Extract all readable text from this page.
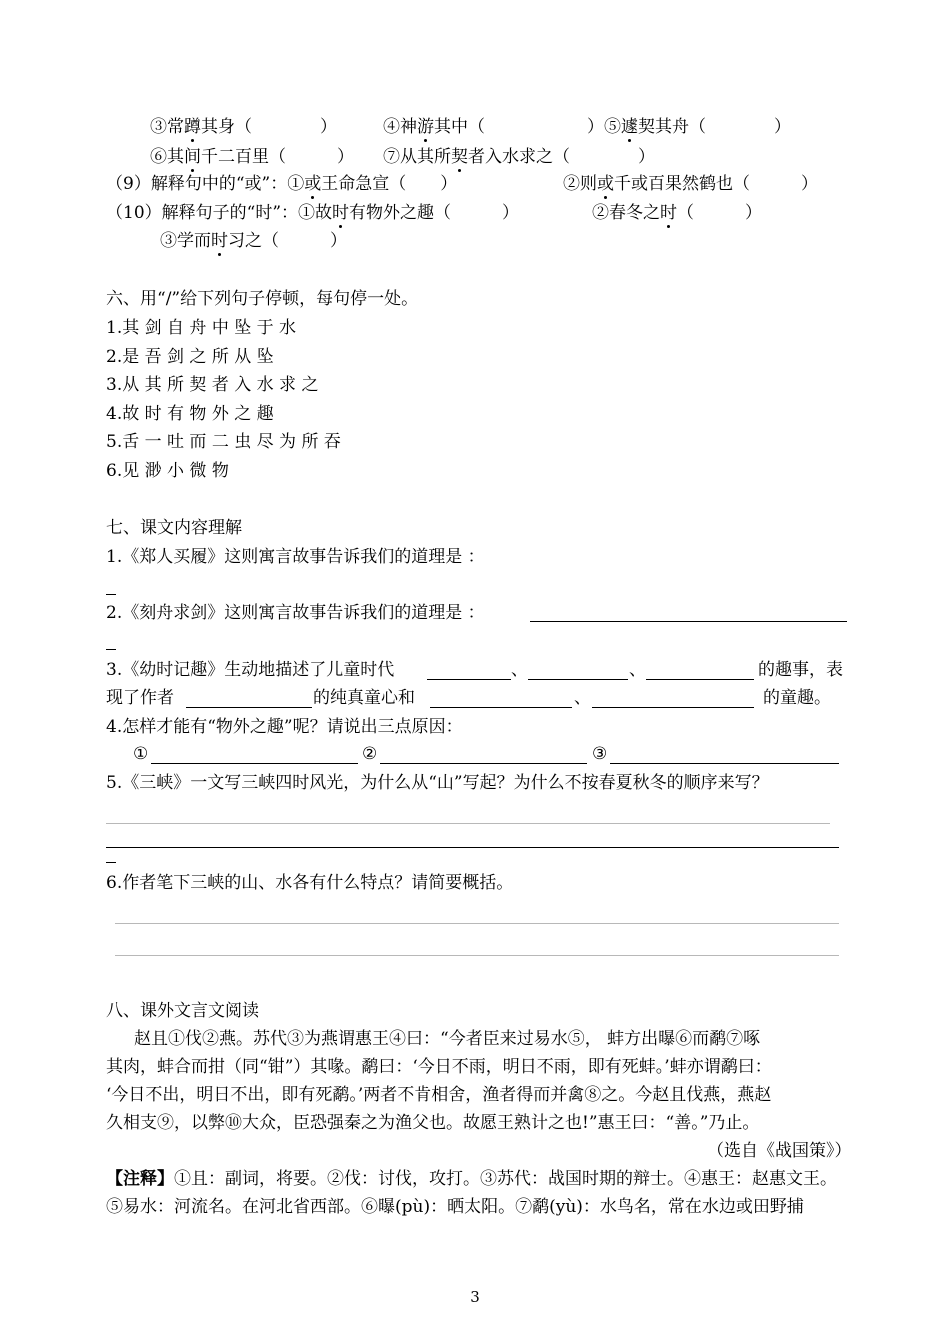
③常蹲其身（　　　　）	④神游其中（　　　　　　）⑤遽契其舟（　　　　）
⑥其间千二百里（　　　） ⑦从其所契者入水求之（　　　　）
（9）解释句中的“或”：①或王命急宣（　　）	②则或千或百果然鹤也（　　　）
（10）解释句子的“时”：①故时有物外之趣（　　　）	②春冬之时（　　　）
③学而时习之（　　　）
六、用“/”给下列句子停顿，每句停一处。
1.其 剑 自 舟 中 坠 于 水
2.是 吾 剑 之 所 从 坠
3.从 其 所 契 者 入 水 求 之
4.故 时 有 物 外 之 趣
5.舌 一 吐 而 二 虫 尽 为 所 吞
6.见 渺 小 微 物
七、课文内容理解
1.《郑人买履》这则寓言故事告诉我们的道理是 ：
2.《刻舟求剑》这则寓言故事告诉我们的道理是 ：
3.《幼时记趣》生动地描述了儿童时代	、	、	的趣事，表
现了作者	的纯真童心和	、	的童趣。
4.怎样才能有“物外之趣”呢？请说出三点原因：
①	②	③
5.《三峡》一文写三峡四时风光，为什么从“山”写起？为什么不按春夏秋冬的顺序来写？
6.作者笔下三峡的山、水各有什么特点？请简要概括。
八、课外文言文阅读
赵且①伐②燕。苏代③为燕谓惠王④曰：“今者臣来过易水⑤， 蚌方出曝⑥而鹬⑦啄
其肉，蚌合而拑（同“钳”）其喙。鹬曰：‘今日不雨，明日不雨，即有死蚌。’蚌亦谓鹬曰：
‘今日不出，明日不出，即有死鹬。’两者不肯相舍，渔者得而并禽⑧之。今赵且伐燕，燕赵
久相支⑨，以弊⑩大众，臣恐强秦之为渔父也。故愿王熟计之也!”惠王曰：“善。”乃止。
（选自《战国策》）
【注释】①且：副词，将要。②伐：讨伐，攻打。③苏代：战国时期的辩士。④惠王：赵惠文王。
⑤易水：河流名。在河北省西部。⑥曝(pù)：晒太阳。⑦鹬(yù)：水鸟名，常在水边或田野捕
3
